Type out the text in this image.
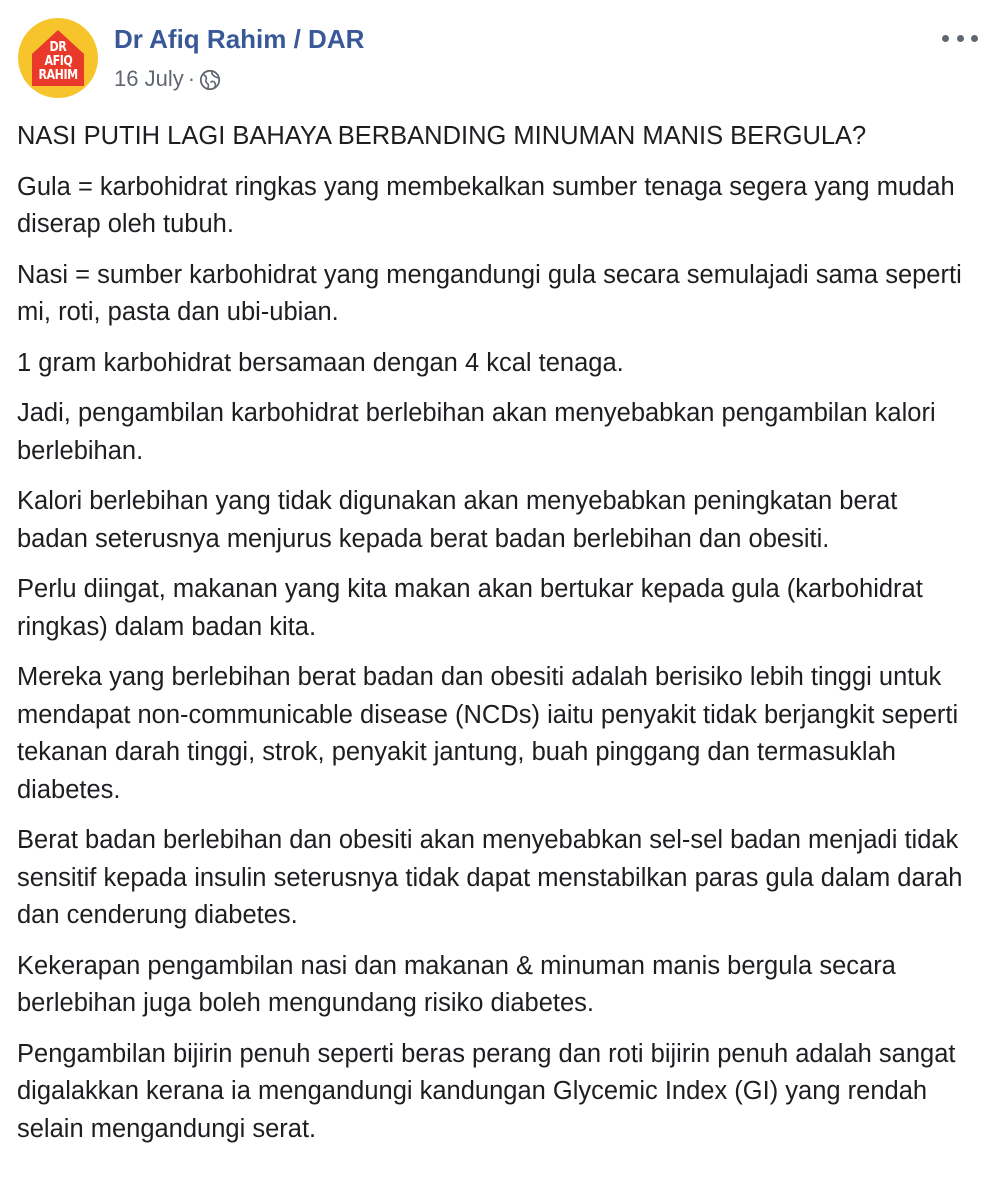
DR
AFIQ
RAHIM
Dr Afiq Rahim / DAR
16 July ·

NASI PUTIH LAGI BAHAYA BERBANDING MINUMAN MANIS BERGULA?

Gula = karbohidrat ringkas yang membekalkan sumber tenaga segera yang mudah diserap oleh tubuh.

Nasi = sumber karbohidrat yang mengandungi gula secara semulajadi sama seperti mi, roti, pasta dan ubi-ubian.

1 gram karbohidrat bersamaan dengan 4 kcal tenaga.

Jadi, pengambilan karbohidrat berlebihan akan menyebabkan pengambilan kalori berlebihan.

Kalori berlebihan yang tidak digunakan akan menyebabkan peningkatan berat badan seterusnya menjurus kepada berat badan berlebihan dan obesiti.

Perlu diingat, makanan yang kita makan akan bertukar kepada gula (karbohidrat ringkas) dalam badan kita.

Mereka yang berlebihan berat badan dan obesiti adalah berisiko lebih tinggi untuk mendapat non-communicable disease (NCDs) iaitu penyakit tidak berjangkit seperti tekanan darah tinggi, strok, penyakit jantung, buah pinggang dan termasuklah diabetes.

Berat badan berlebihan dan obesiti akan menyebabkan sel-sel badan menjadi tidak sensitif kepada insulin seterusnya tidak dapat menstabilkan paras gula dalam darah dan cenderung diabetes.

Kekerapan pengambilan nasi dan makanan & minuman manis bergula secara berlebihan juga boleh mengundang risiko diabetes.

Pengambilan bijirin penuh seperti beras perang dan roti bijirin penuh adalah sangat digalakkan kerana ia mengandungi kandungan Glycemic Index (GI) yang rendah selain mengandungi serat.
